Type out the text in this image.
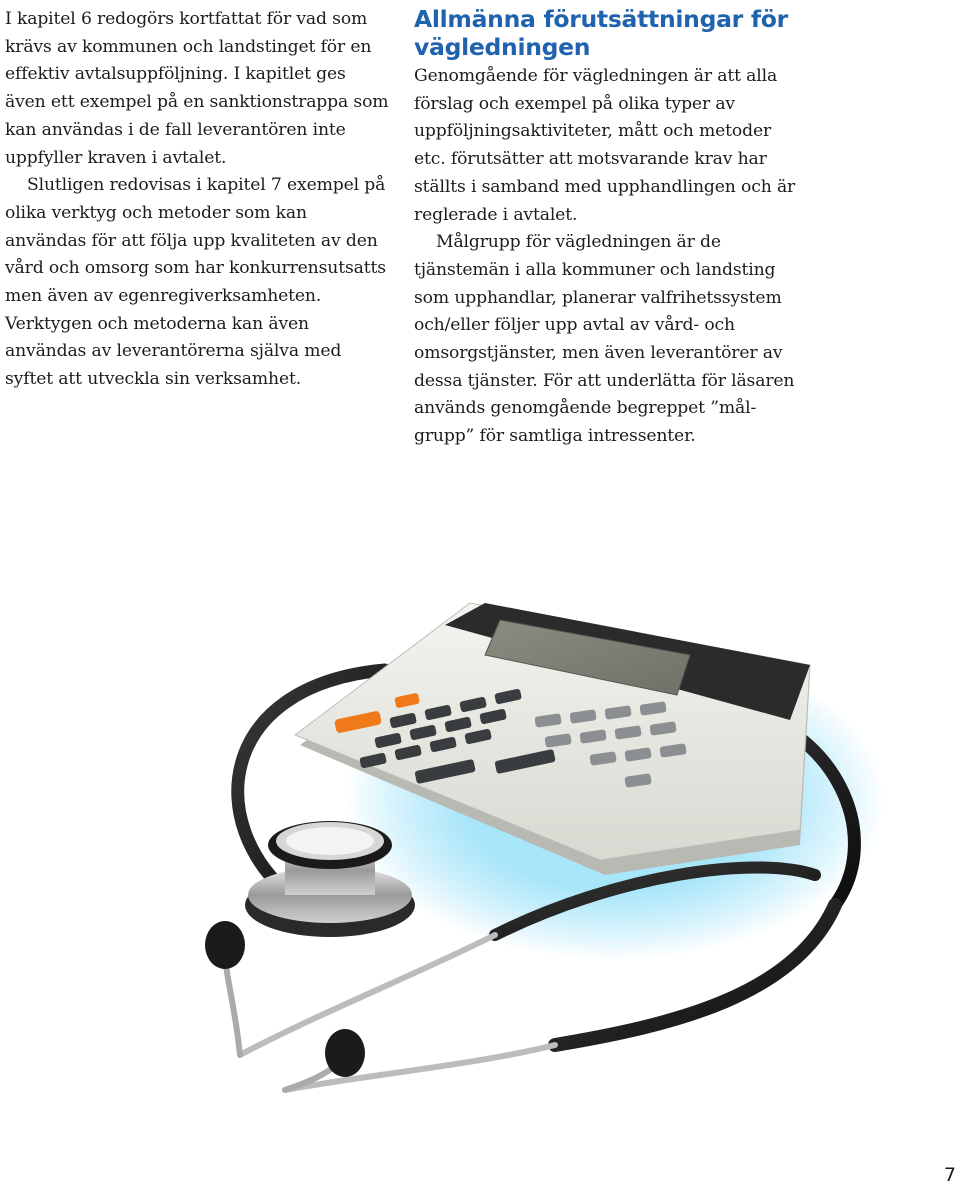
I kapitel 6 redogörs kortfattat för vad som krävs av kommunen och landstinget för en effektiv avtalsuppföljning. I kapitlet ges även ett exempel på en sanktionstrappa som kan användas i de fall leverantören inte uppfyller kraven i avtalet.

Slutligen redovisas i kapitel 7 exempel på olika verktyg och metoder som kan användas för att följa upp kvaliteten av den vård och omsorg som har konkurrensutsatts men även av egenregiverksamheten. Verktygen och metoderna kan även användas av leverantörerna själva med syftet att utveckla sin verksamhet.

Allmänna förutsättningar för vägledningen

Genomgående för vägledningen är att alla förslag och exempel på olika typer av uppföljningsaktiviteter, mått och metoder etc. förutsätter att motsvarande krav har ställts i samband med upphandlingen och är reglerade i avtalet.

Målgrupp för vägledningen är de tjänstemän i alla kommuner och landsting som upphandlar, planerar valfrihetssystem och/eller följer upp avtal av vård- och omsorgstjänster, men även leverantörer av dessa tjänster. För att underlätta för läsaren används genomgående begreppet ”målgrupp” för samtliga intressenter.

7
